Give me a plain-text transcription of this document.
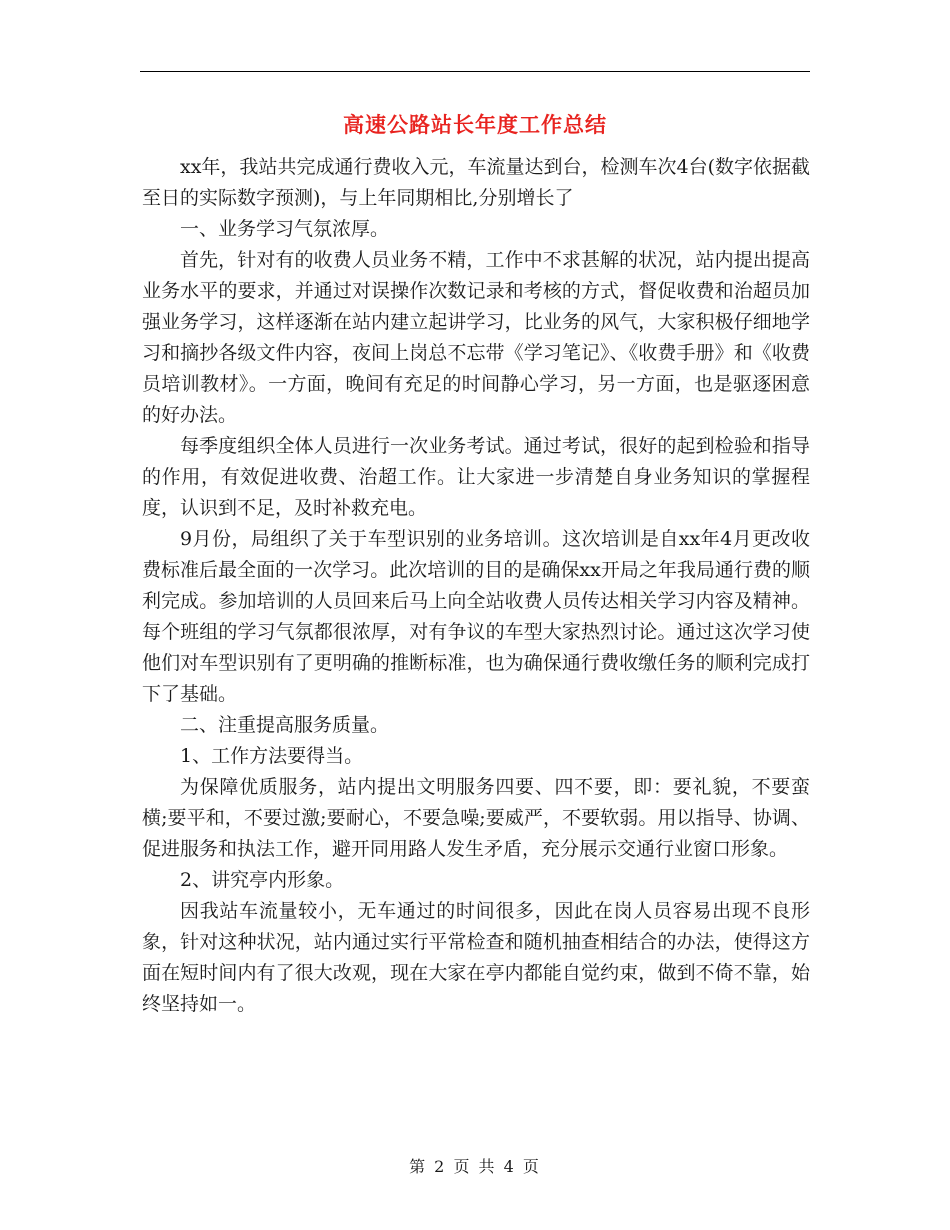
高速公路站长年度工作总结

xx年，我站共完成通行费收入元，车流量达到台，检测车次4台(数字依据截至日的实际数字预测)，与上年同期相比,分别增长了

一、业务学习气氛浓厚。

首先，针对有的收费人员业务不精，工作中不求甚解的状况，站内提出提高业务水平的要求，并通过对误操作次数记录和考核的方式，督促收费和治超员加强业务学习，这样逐渐在站内建立起讲学习，比业务的风气，大家积极仔细地学习和摘抄各级文件内容，夜间上岗总不忘带《学习笔记》、《收费手册》和《收费员培训教材》。一方面，晚间有充足的时间静心学习，另一方面，也是驱逐困意的好办法。

每季度组织全体人员进行一次业务考试。通过考试，很好的起到检验和指导的作用，有效促进收费、治超工作。让大家进一步清楚自身业务知识的掌握程度，认识到不足，及时补救充电。

9月份，局组织了关于车型识别的业务培训。这次培训是自xx年4月更改收费标准后最全面的一次学习。此次培训的目的是确保xx开局之年我局通行费的顺利完成。参加培训的人员回来后马上向全站收费人员传达相关学习内容及精神。每个班组的学习气氛都很浓厚，对有争议的车型大家热烈讨论。通过这次学习使他们对车型识别有了更明确的推断标准，也为确保通行费收缴任务的顺利完成打下了基础。

二、注重提高服务质量。

1、工作方法要得当。

为保障优质服务，站内提出文明服务四要、四不要，即：要礼貌，不要蛮横;要平和，不要过激;要耐心，不要急噪;要威严，不要软弱。用以指导、协调、促进服务和执法工作，避开同用路人发生矛盾，充分展示交通行业窗口形象。

2、讲究亭内形象。

因我站车流量较小，无车通过的时间很多，因此在岗人员容易出现不良形象，针对这种状况，站内通过实行平常检查和随机抽查相结合的办法，使得这方面在短时间内有了很大改观，现在大家在亭内都能自觉约束，做到不倚不靠，始终坚持如一。

第 2 页 共 4 页
